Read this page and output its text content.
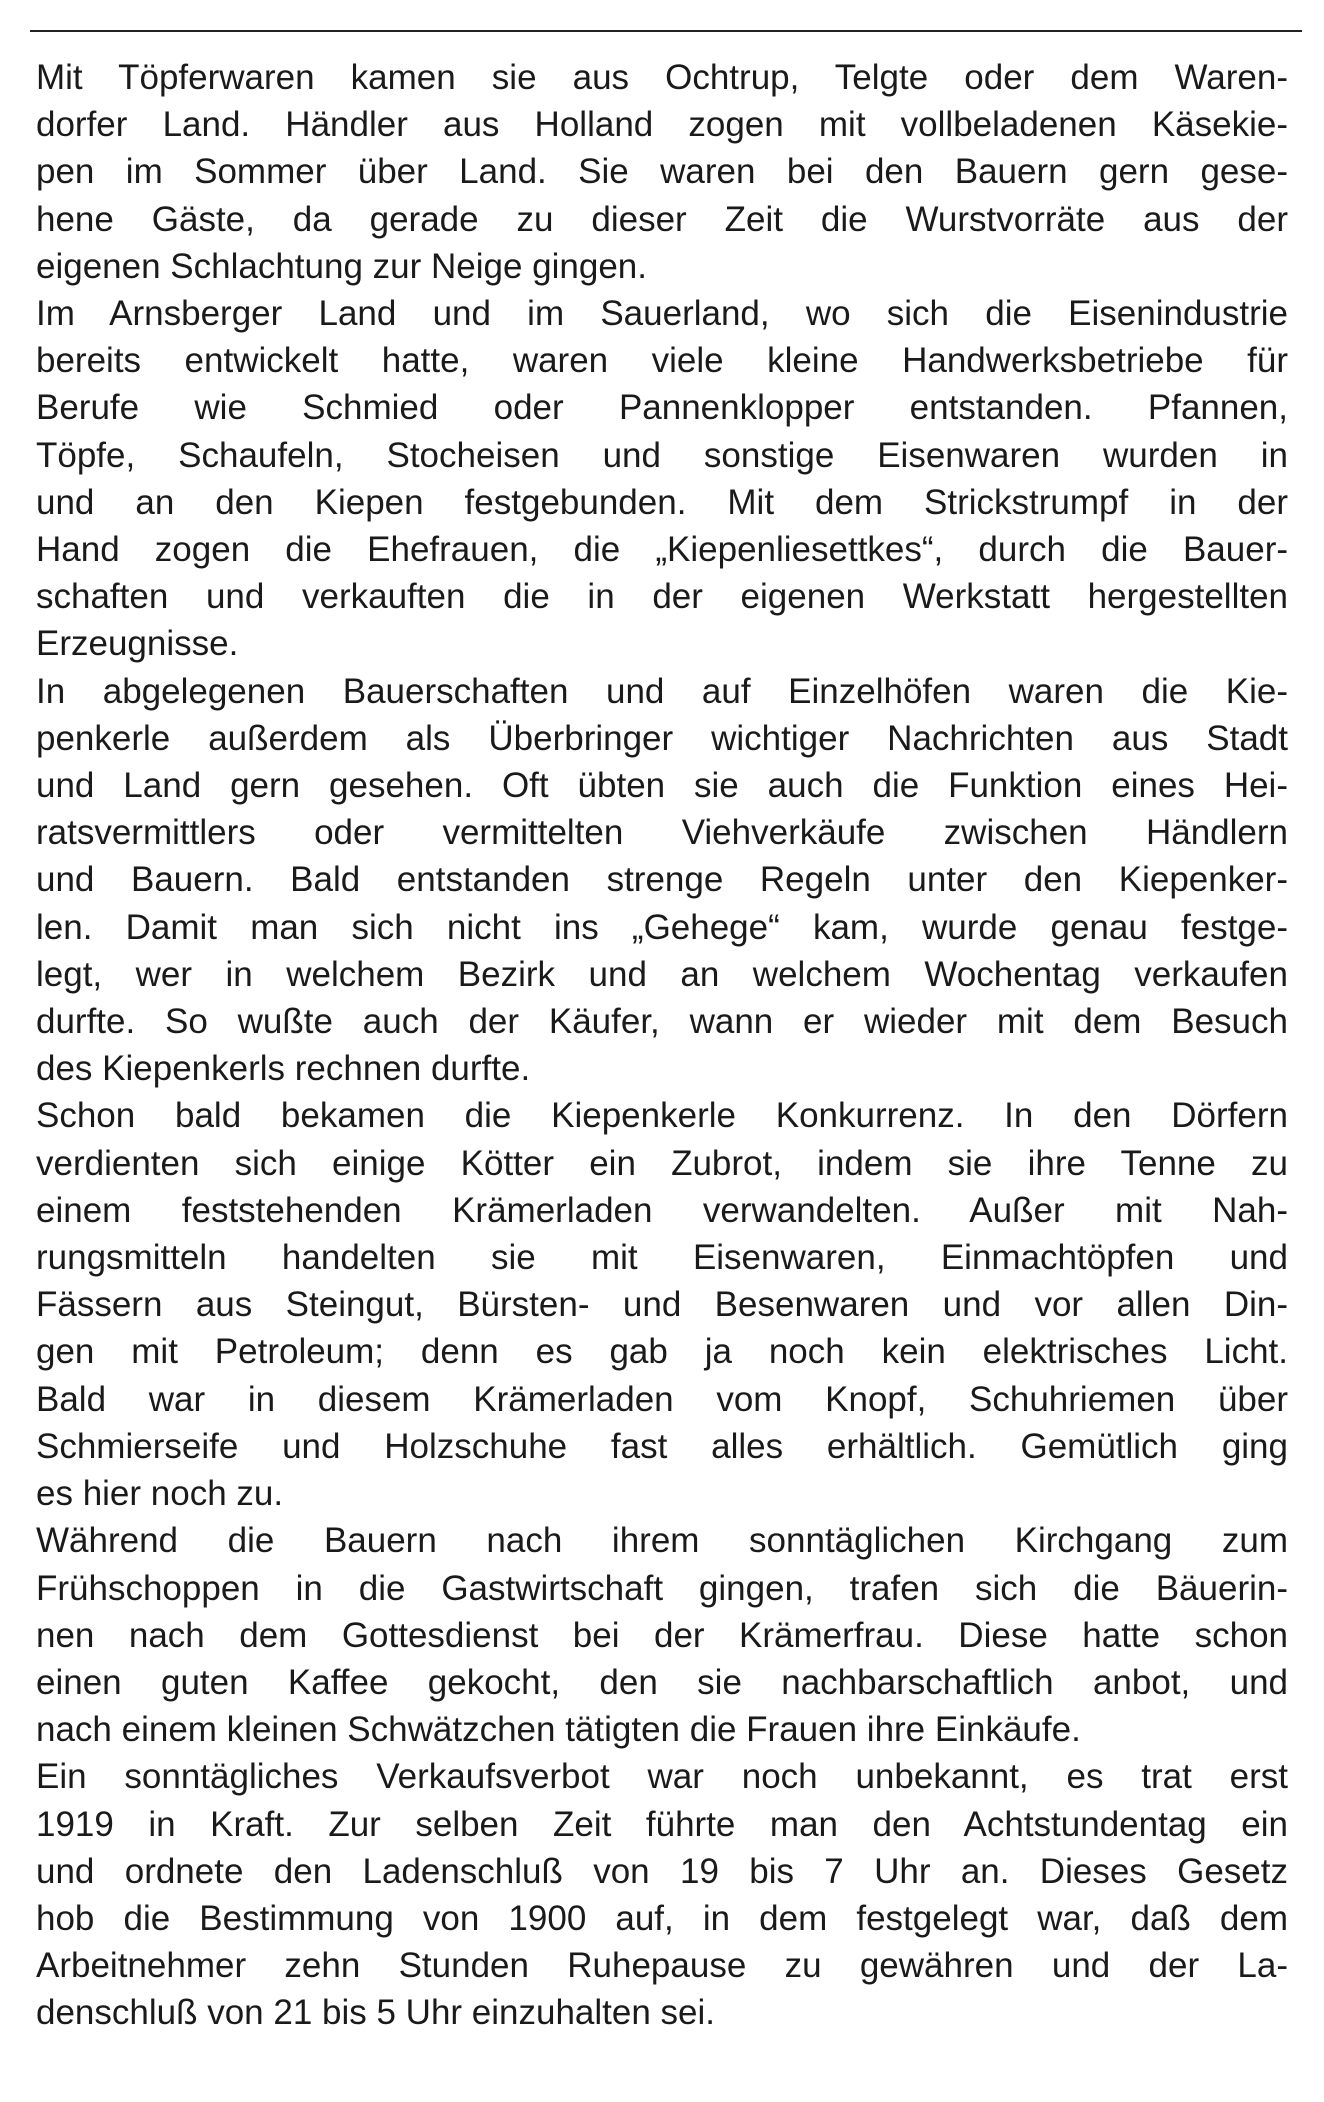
Mit Töpferwaren kamen sie aus Ochtrup, Telgte oder dem Waren-
dorfer Land. Händler aus Holland zogen mit vollbeladenen Käsekie-
pen im Sommer über Land. Sie waren bei den Bauern gern gese-
hene Gäste, da gerade zu dieser Zeit die Wurstvorräte aus der
eigenen Schlachtung zur Neige gingen.
Im Arnsberger Land und im Sauerland, wo sich die Eisenindustrie
bereits entwickelt hatte, waren viele kleine Handwerksbetriebe für
Berufe wie Schmied oder Pannenklopper entstanden. Pfannen,
Töpfe, Schaufeln, Stocheisen und sonstige Eisenwaren wurden in
und an den Kiepen festgebunden. Mit dem Strickstrumpf in der
Hand zogen die Ehefrauen, die „Kiepenliesettkes“, durch die Bauer-
schaften und verkauften die in der eigenen Werkstatt hergestellten
Erzeugnisse.
In abgelegenen Bauerschaften und auf Einzelhöfen waren die Kie-
penkerle außerdem als Überbringer wichtiger Nachrichten aus Stadt
und Land gern gesehen. Oft übten sie auch die Funktion eines Hei-
ratsvermittlers oder vermittelten Viehverkäufe zwischen Händlern
und Bauern. Bald entstanden strenge Regeln unter den Kiepenker-
len. Damit man sich nicht ins „Gehege“ kam, wurde genau festge-
legt, wer in welchem Bezirk und an welchem Wochentag verkaufen
durfte. So wußte auch der Käufer, wann er wieder mit dem Besuch
des Kiepenkerls rechnen durfte.
Schon bald bekamen die Kiepenkerle Konkurrenz. In den Dörfern
verdienten sich einige Kötter ein Zubrot, indem sie ihre Tenne zu
einem feststehenden Krämerladen verwandelten. Außer mit Nah-
rungsmitteln handelten sie mit Eisenwaren, Einmachtöpfen und
Fässern aus Steingut, Bürsten- und Besenwaren und vor allen Din-
gen mit Petroleum; denn es gab ja noch kein elektrisches Licht.
Bald war in diesem Krämerladen vom Knopf, Schuhriemen über
Schmierseife und Holzschuhe fast alles erhältlich. Gemütlich ging
es hier noch zu.
Während die Bauern nach ihrem sonntäglichen Kirchgang zum
Frühschoppen in die Gastwirtschaft gingen, trafen sich die Bäuerin-
nen nach dem Gottesdienst bei der Krämerfrau. Diese hatte schon
einen guten Kaffee gekocht, den sie nachbarschaftlich anbot, und
nach einem kleinen Schwätzchen tätigten die Frauen ihre Einkäufe.
Ein sonntägliches Verkaufsverbot war noch unbekannt, es trat erst
1919 in Kraft. Zur selben Zeit führte man den Achtstundentag ein
und ordnete den Ladenschluß von 19 bis 7 Uhr an. Dieses Gesetz
hob die Bestimmung von 1900 auf, in dem festgelegt war, daß dem
Arbeitnehmer zehn Stunden Ruhepause zu gewähren und der La-
denschluß von 21 bis 5 Uhr einzuhalten sei.
